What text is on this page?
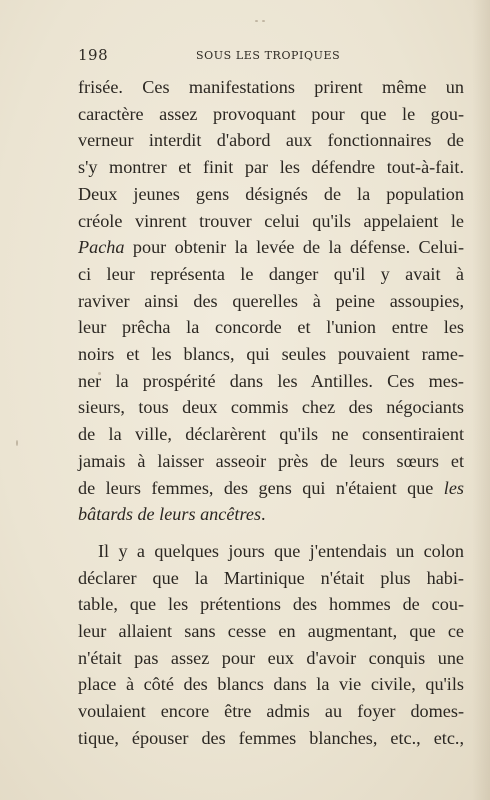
198	SOUS LES TROPIQUES
frisée. Ces manifestations prirent même un
caractère assez provoquant pour que le gou-
verneur interdit d'abord aux fonctionnaires de
s'y montrer et finit par les défendre tout-à-fait.
Deux jeunes gens désignés de la population
créole vinrent trouver celui qu'ils appelaient le
Pacha pour obtenir la levée de la défense. Celui-
ci leur représenta le danger qu'il y avait à
raviver ainsi des querelles à peine assoupies,
leur prêcha la concorde et l'union entre les
noirs et les blancs, qui seules pouvaient rame-
ner la prospérité dans les Antilles. Ces mes-
sieurs, tous deux commis chez des négociants
de la ville, déclarèrent qu'ils ne consentiraient
jamais à laisser asseoir près de leurs sœurs et
de leurs femmes, des gens qui n'étaient que les
bâtards de leurs ancêtres.
Il y a quelques jours que j'entendais un colon
déclarer que la Martinique n'était plus habi-
table, que les prétentions des hommes de cou-
leur allaient sans cesse en augmentant, que ce
n'était pas assez pour eux d'avoir conquis une
place à côté des blancs dans la vie civile, qu'ils
voulaient encore être admis au foyer domes-
tique, épouser des femmes blanches, etc., etc.,
